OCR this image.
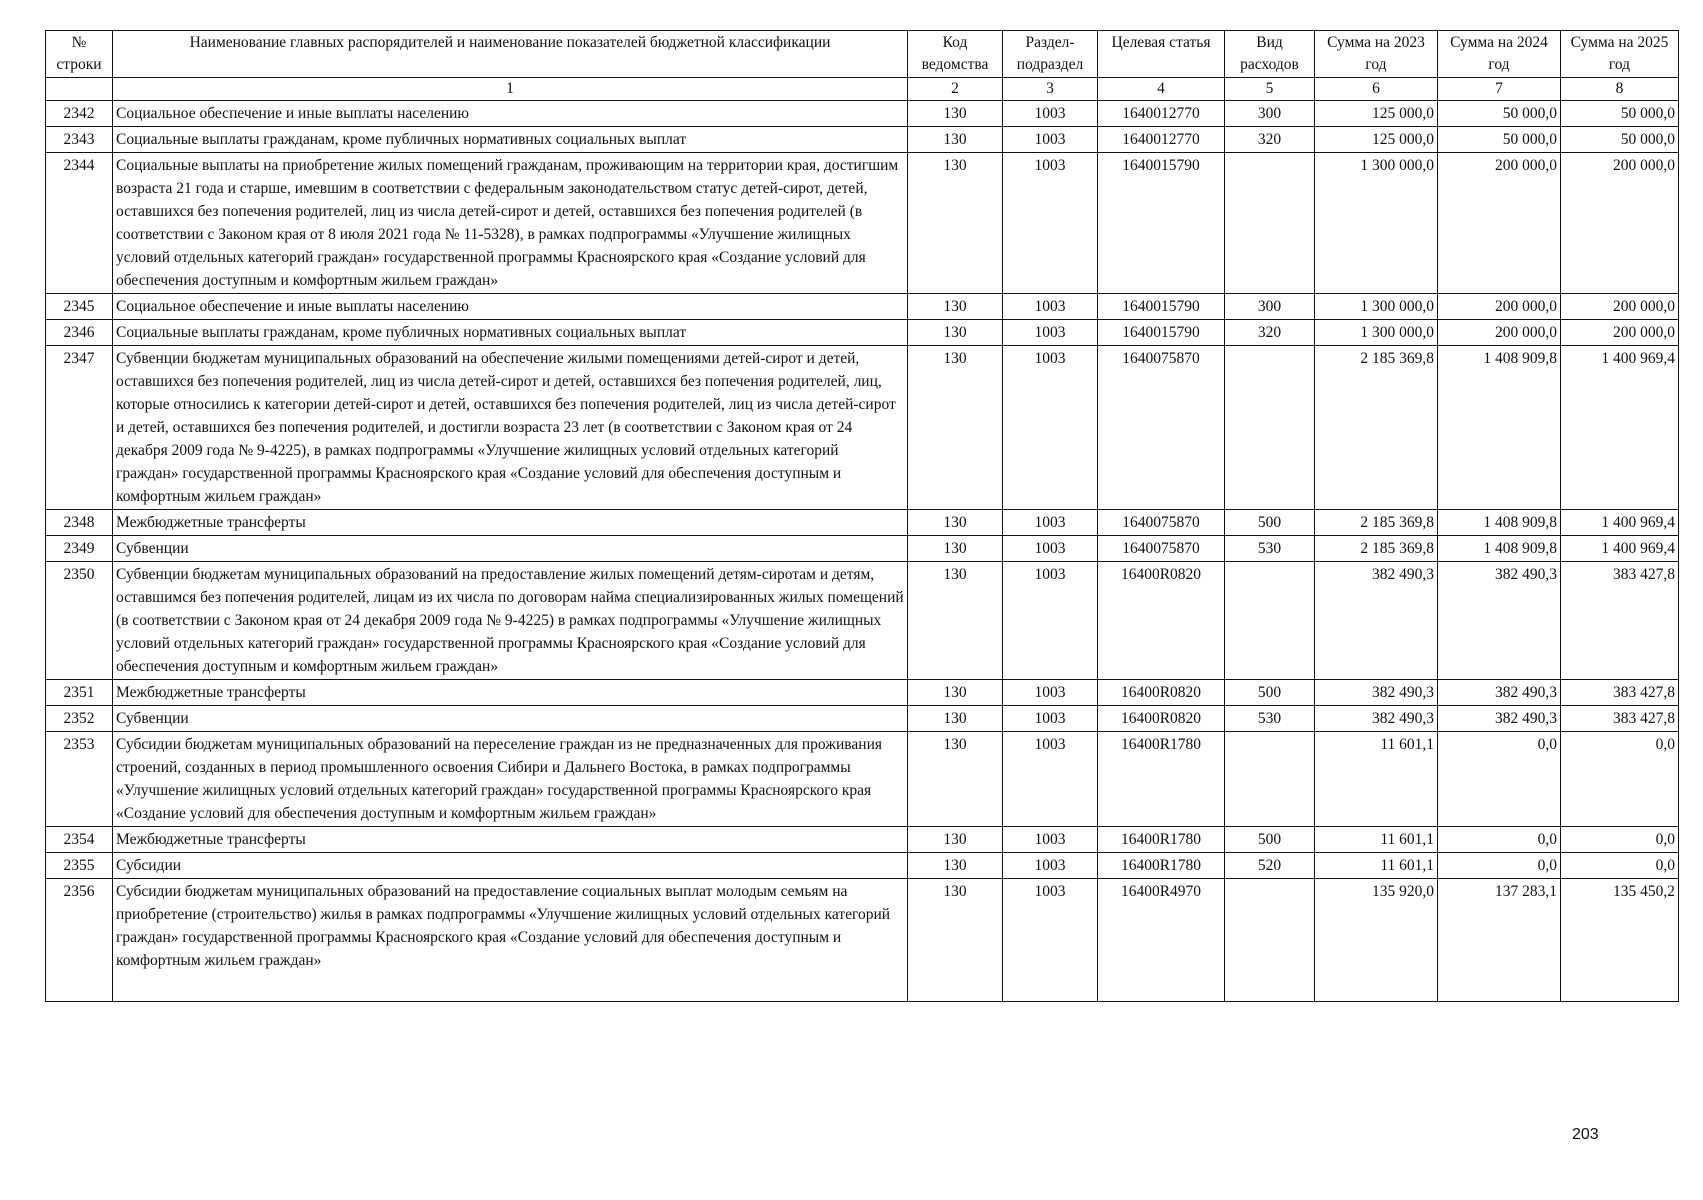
№ строки	Наименование главных распорядителей и наименование показателей бюджетной классификации	Код ведомства	Раздел-подраздел	Целевая статья	Вид расходов	Сумма на 2023 год	Сумма на 2024 год	Сумма на 2025 год
	1	2	3	4	5	6	7	8
2342	Социальное обеспечение и иные выплаты населению	130	1003	1640012770	300	125 000,0	50 000,0	50 000,0
2343	Социальные выплаты гражданам, кроме публичных нормативных социальных выплат	130	1003	1640012770	320	125 000,0	50 000,0	50 000,0
2344	Социальные выплаты на приобретение жилых помещений гражданам, проживающим на территории края, достигшим возраста 21 года и старше, имевшим в соответствии с федеральным законодательством статус детей-сирот, детей, оставшихся без попечения родителей, лиц из числа детей-сирот и детей, оставшихся без попечения родителей (в соответствии с Законом края от 8 июля 2021 года № 11-5328), в рамках подпрограммы «Улучшение жилищных условий отдельных категорий граждан» государственной программы Красноярского края «Создание условий для обеспечения доступным и комфортным жильем граждан»	130	1003	1640015790		1 300 000,0	200 000,0	200 000,0
2345	Социальное обеспечение и иные выплаты населению	130	1003	1640015790	300	1 300 000,0	200 000,0	200 000,0
2346	Социальные выплаты гражданам, кроме публичных нормативных социальных выплат	130	1003	1640015790	320	1 300 000,0	200 000,0	200 000,0
2347	Субвенции бюджетам муниципальных образований на обеспечение жилыми помещениями детей-сирот и детей, оставшихся без попечения родителей, лиц из числа детей-сирот и детей, оставшихся без попечения родителей, лиц, которые относились к категории детей-сирот и детей, оставшихся без попечения родителей, лиц из числа детей-сирот и детей, оставшихся без попечения родителей, и достигли возраста 23 лет (в соответствии с Законом края от 24 декабря 2009 года № 9-4225), в рамках подпрограммы «Улучшение жилищных условий отдельных категорий граждан» государственной программы Красноярского края «Создание условий для обеспечения доступным и комфортным жильем граждан»	130	1003	1640075870		2 185 369,8	1 408 909,8	1 400 969,4
2348	Межбюджетные трансферты	130	1003	1640075870	500	2 185 369,8	1 408 909,8	1 400 969,4
2349	Субвенции	130	1003	1640075870	530	2 185 369,8	1 408 909,8	1 400 969,4
2350	Субвенции бюджетам муниципальных образований на предоставление жилых помещений детям-сиротам и детям, оставшимся без попечения родителей, лицам из их числа по договорам найма специализированных жилых помещений (в соответствии с Законом края от 24 декабря 2009 года № 9-4225) в рамках подпрограммы «Улучшение жилищных условий отдельных категорий граждан» государственной программы Красноярского края «Создание условий для обеспечения доступным и комфортным жильем граждан»	130	1003	16400R0820		382 490,3	382 490,3	383 427,8
2351	Межбюджетные трансферты	130	1003	16400R0820	500	382 490,3	382 490,3	383 427,8
2352	Субвенции	130	1003	16400R0820	530	382 490,3	382 490,3	383 427,8
2353	Субсидии бюджетам муниципальных образований на переселение граждан из не предназначенных для проживания строений, созданных в период промышленного освоения Сибири и Дальнего Востока, в рамках подпрограммы «Улучшение жилищных условий отдельных категорий граждан» государственной программы Красноярского края «Создание условий для обеспечения доступным и комфортным жильем граждан»	130	1003	16400R1780		11 601,1	0,0	0,0
2354	Межбюджетные трансферты	130	1003	16400R1780	500	11 601,1	0,0	0,0
2355	Субсидии	130	1003	16400R1780	520	11 601,1	0,0	0,0
2356	Субсидии бюджетам муниципальных образований на предоставление социальных выплат молодым семьям на приобретение (строительство) жилья в рамках подпрограммы «Улучшение жилищных условий отдельных категорий граждан» государственной программы Красноярского края «Создание условий для обеспечения доступным и комфортным жильем граждан»	130	1003	16400R4970		135 920,0	137 283,1	135 450,2
203
